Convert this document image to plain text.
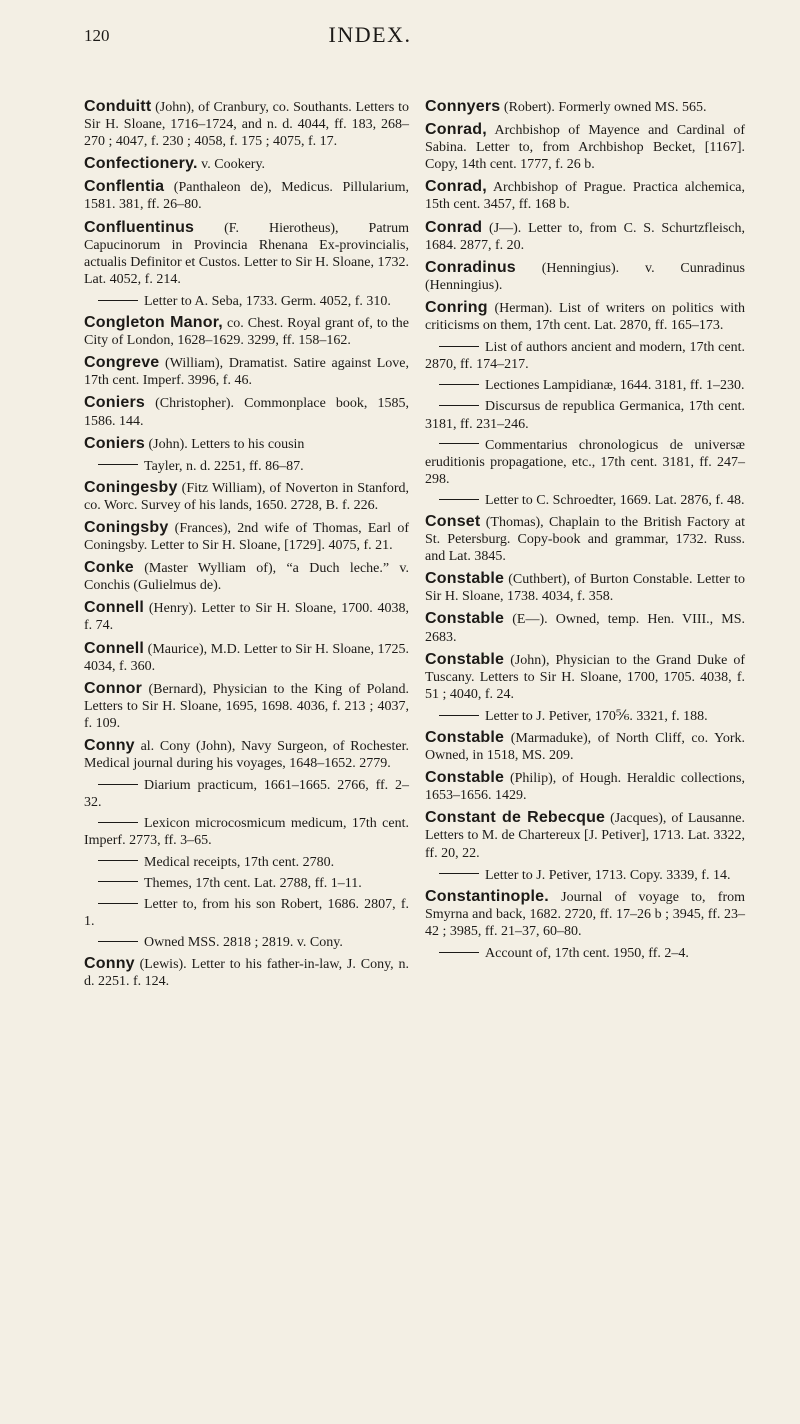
120	INDEX.
Conduitt (John), of Cranbury, co. Southants. Letters to Sir H. Sloane, 1716–1724, and n. d. 4044, ff. 183, 268–270 ; 4047, f. 230 ; 4058, f. 175 ; 4075, f. 17.
Confectionery. v. Cookery.
Conflentia (Panthaleon de), Medicus. Pillularium, 1581. 381, ff. 26–80.
Confluentinus (F. Hierotheus), Patrum Capucinorum in Provincia Rhenana Ex-provincialis, actualis Definitor et Custos. Letter to Sir H. Sloane, 1732. Lat. 4052, f. 214.
Letter to A. Seba, 1733. Germ. 4052, f. 310.
Congleton Manor, co. Chest. Royal grant of, to the City of London, 1628–1629. 3299, ff. 158–162.
Congreve (William), Dramatist. Satire against Love, 17th cent. Imperf. 3996, f. 46.
Coniers (Christopher). Commonplace book, 1585, 1586. 144.
Coniers (John). Letters to his cousin
Tayler, n. d. 2251, ff. 86–87.
Coningesby (Fitz William), of Noverton in Stanford, co. Worc. Survey of his lands, 1650. 2728, B. f. 226.
Coningsby (Frances), 2nd wife of Thomas, Earl of Coningsby. Letter to Sir H. Sloane, [1729]. 4075, f. 21.
Conke (Master Wylliam of), “a Duch leche.” v. Conchis (Gulielmus de).
Connell (Henry). Letter to Sir H. Sloane, 1700. 4038, f. 74.
Connell (Maurice), M.D. Letter to Sir H. Sloane, 1725. 4034, f. 360.
Connor (Bernard), Physician to the King of Poland. Letters to Sir H. Sloane, 1695, 1698. 4036, f. 213 ; 4037, f. 109.
Conny al. Cony (John), Navy Surgeon, of Rochester. Medical journal during his voyages, 1648–1652. 2779.
Diarium practicum, 1661–1665. 2766, ff. 2–32.
Lexicon microcosmicum medicum, 17th cent. Imperf. 2773, ff. 3–65.
Medical receipts, 17th cent. 2780.
Themes, 17th cent. Lat. 2788, ff. 1–11.
Letter to, from his son Robert, 1686. 2807, f. 1.
Owned MSS. 2818 ; 2819. v. Cony.
Conny (Lewis). Letter to his father-in-law, J. Cony, n. d. 2251. f. 124.
Connyers (Robert). Formerly owned MS. 565.
Conrad, Archbishop of Mayence and Cardinal of Sabina. Letter to, from Archbishop Becket, [1167]. Copy, 14th cent. 1777, f. 26 b.
Conrad, Archbishop of Prague. Practica alchemica, 15th cent. 3457, ff. 168 b.
Conrad (J—). Letter to, from C. S. Schurtzfleisch, 1684. 2877, f. 20.
Conradinus (Henningius). v. Cunradinus (Henningius).
Conring (Herman). List of writers on politics with criticisms on them, 17th cent. Lat. 2870, ff. 165–173.
List of authors ancient and modern, 17th cent. 2870, ff. 174–217.
Lectiones Lampidianæ, 1644. 3181, ff. 1–230.
Discursus de republica Germanica, 17th cent. 3181, ff. 231–246.
Commentarius chronologicus de universæ eruditionis propagatione, etc., 17th cent. 3181, ff. 247–298.
Letter to C. Schroedter, 1669. Lat. 2876, f. 48.
Conset (Thomas), Chaplain to the British Factory at St. Petersburg. Copy-book and grammar, 1732. Russ. and Lat. 3845.
Constable (Cuthbert), of Burton Constable. Letter to Sir H. Sloane, 1738. 4034, f. 358.
Constable (E—). Owned, temp. Hen. VIII., MS. 2683.
Constable (John), Physician to the Grand Duke of Tuscany. Letters to Sir H. Sloane, 1700, 1705. 4038, f. 51 ; 4040, f. 24.
Letter to J. Petiver, 170⅚. 3321, f. 188.
Constable (Marmaduke), of North Cliff, co. York. Owned, in 1518, MS. 209.
Constable (Philip), of Hough. Heraldic collections, 1653–1656. 1429.
Constant de Rebecque (Jacques), of Lausanne. Letters to M. de Chartereux [J. Petiver], 1713. Lat. 3322, ff. 20, 22.
Letter to J. Petiver, 1713. Copy. 3339, f. 14.
Constantinople. Journal of voyage to, from Smyrna and back, 1682. 2720, ff. 17–26 b ; 3945, ff. 23–42 ; 3985, ff. 21–37, 60–80.
Account of, 17th cent. 1950, ff. 2–4.
